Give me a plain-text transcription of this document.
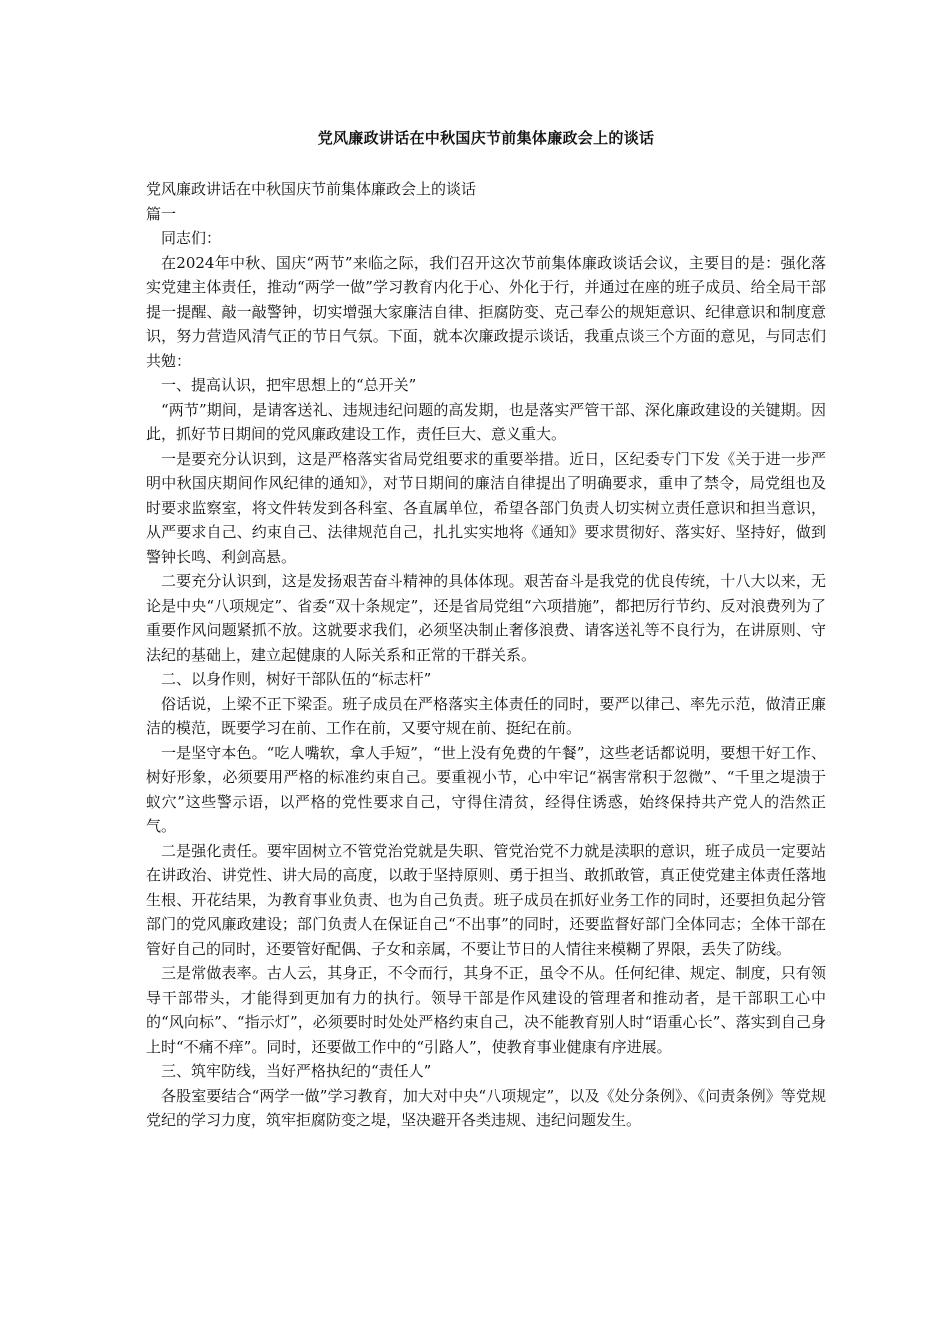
党风廉政讲话在中秋国庆节前集体廉政会上的谈话

党风廉政讲话在中秋国庆节前集体廉政会上的谈话

篇一

同志们：

在2024年中秋、国庆“两节”来临之际，我们召开这次节前集体廉政谈话会议，主要目的是：强化落实党建主体责任，推动“两学一做”学习教育内化于心、外化于行，并通过在座的班子成员、给全局干部提一提醒、敲一敲警钟，切实增强大家廉洁自律、拒腐防变、克己奉公的规矩意识、纪律意识和制度意识，努力营造风清气正的节日气氛。下面，就本次廉政提示谈话，我重点谈三个方面的意见，与同志们共勉：

一、提高认识，把牢思想上的“总开关”

“两节”期间，是请客送礼、违规违纪问题的高发期，也是落实严管干部、深化廉政建设的关键期。因此，抓好节日期间的党风廉政建设工作，责任巨大、意义重大。

一是要充分认识到，这是严格落实省局党组要求的重要举措。近日，区纪委专门下发《关于进一步严明中秋国庆期间作风纪律的通知》，对节日期间的廉洁自律提出了明确要求，重申了禁令，局党组也及时要求监察室，将文件转发到各科室、各直属单位，希望各部门负责人切实树立责任意识和担当意识，从严要求自己、约束自己、法律规范自己，扎扎实实地将《通知》要求贯彻好、落实好、坚持好，做到警钟长鸣、利剑高悬。

二要充分认识到，这是发扬艰苦奋斗精神的具体体现。艰苦奋斗是我党的优良传统，十八大以来，无论是中央“八项规定”、省委“双十条规定”，还是省局党组“六项措施”，都把厉行节约、反对浪费列为了重要作风问题紧抓不放。这就要求我们，必须坚决制止奢侈浪费、请客送礼等不良行为，在讲原则、守法纪的基础上，建立起健康的人际关系和正常的干群关系。

二、以身作则，树好干部队伍的“标志杆”

俗话说，上梁不正下梁歪。班子成员在严格落实主体责任的同时，要严以律己、率先示范，做清正廉洁的模范，既要学习在前、工作在前，又要守规在前、挺纪在前。

一是坚守本色。“吃人嘴软，拿人手短”，“世上没有免费的午餐”，这些老话都说明，要想干好工作、树好形象，必须要用严格的标准约束自己。要重视小节，心中牢记“祸害常积于忽微”、“千里之堤溃于蚁穴”这些警示语，以严格的党性要求自己，守得住清贫，经得住诱惑，始终保持共产党人的浩然正气。

二是强化责任。要牢固树立不管党治党就是失职、管党治党不力就是渎职的意识，班子成员一定要站在讲政治、讲党性、讲大局的高度，以敢于坚持原则、勇于担当、敢抓敢管，真正使党建主体责任落地生根、开花结果，为教育事业负责、也为自己负责。班子成员在抓好业务工作的同时，还要担负起分管部门的党风廉政建设；部门负责人在保证自己“不出事”的同时，还要监督好部门全体同志；全体干部在管好自己的同时，还要管好配偶、子女和亲属，不要让节日的人情往来模糊了界限，丢失了防线。

三是常做表率。古人云，其身正，不令而行，其身不正，虽令不从。任何纪律、规定、制度，只有领导干部带头，才能得到更加有力的执行。领导干部是作风建设的管理者和推动者，是干部职工心中的“风向标”、“指示灯”，必须要时时处处严格约束自己，决不能教育别人时“语重心长”、落实到自己身上时“不痛不痒”。同时，还要做工作中的“引路人”，使教育事业健康有序进展。

三、筑牢防线，当好严格执纪的“责任人”

各股室要结合“两学一做”学习教育，加大对中央“八项规定”，以及《处分条例》、《问责条例》等党规党纪的学习力度，筑牢拒腐防变之堤，坚决避开各类违规、违纪问题发生。
